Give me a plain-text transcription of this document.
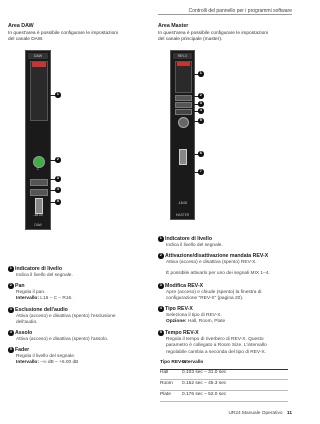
Controlli del pannello per i programmi software
Area DAW
In quest'area è possibile configurare le impostazioni
del canale DAW.
DAW
C
-18.00
DAW
1
2
3
4
5
1 Indicatore di livello
Indica il livello del segnale.
2 Pan
Regola il pan.
Intervallo: L16 – C – R16.
3 Esclusione dell'audio
Attiva (acceso) e disattiva (spento) l'esclusione
dell'audio.
4 Assolo
Attiva (acceso) e disattiva (spento) l'assolo.
5 Fader
Regola il livello del segnale.
Intervallo: −∞ dB – +6.00 dB
Area Master
In quest'area è possibile configurare le impostazioni
del canale principale (master).
REV-X
-18.00
MASTER
1
2
3
4
5
6
7
1 Indicatore di livello
Indica il livello del segnale.
2 Attivazione/disattivazione mandata REV-X
Attiva (acceso) e disattiva (spento) REV-X.
È possibile attivarlo per uno dei segnali MIX 1–4.
3 Modifica REV-X
Apre (acceso) e chiude (spento) la finestra di
configurazione "REV-X" (pagina 20).
4 Tipo REV-X
Seleziona il tipo di REV-X.
Opzione: Hall, Room, Plate
5 Tempo REV-X
Regola il tempo di riverbero di REV-X. Questo
parametro è collegato a Room Size. L'intervallo
regolabile cambia a seconda del tipo di REV-X.
Tipo REV-X
Intervallo
Hall	0.103 sec – 31.0 sec
Room 0.152 sec – 45.3 sec
Plate 0.176 sec – 52.0 sec
UR24 Manuale Operativo 11
